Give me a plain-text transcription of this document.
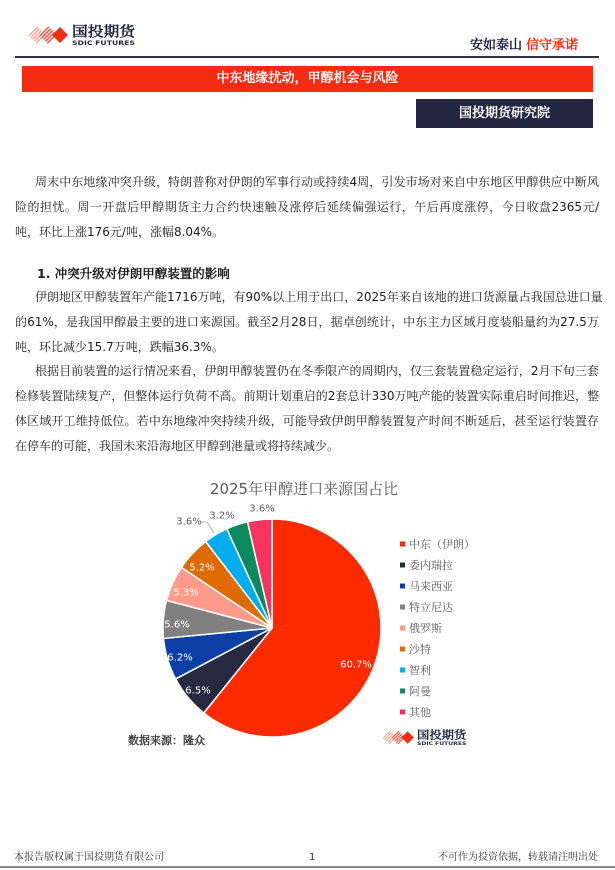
国投期货
SDIC FUTURES	安如泰山 信守承诺
中东地缘扰动，甲醇机会与风险
国投期货研究院
周末中东地缘冲突升级，特朗普称对伊朗的军事行动或持续4周，引发市场对来自中东地区甲醇供应中断风
险的担忧。周一开盘后甲醇期货主力合约快速触及涨停后延续偏强运行，午后再度涨停，今日收盘2365元/
吨，环比上涨176元/吨，涨幅8.04%。
1. 冲突升级对伊朗甲醇装置的影响
伊朗地区甲醇装置年产能1716万吨，有90%以上用于出口，2025年来自该地的进口货源量占我国总进口量
的61%，是我国甲醇最主要的进口来源国。截至2月28日，据卓创统计，中东主力区域月度装船量约为27.5万
吨，环比减少15.7万吨，跌幅36.3%。
根据目前装置的运行情况来看，伊朗甲醇装置仍在冬季限产的周期内，仅三套装置稳定运行，2月下旬三套
检修装置陆续复产，但整体运行负荷不高。前期计划重启的2套总计330万吨产能的装置实际重启时间推迟，整
体区域开工维持低位。若中东地缘冲突持续升级，可能导致伊朗甲醇装置复产时间不断延后，甚至运行装置存
在停车的可能，我国未来沿海地区甲醇到港量或将持续减少。
2025年甲醇进口来源国占比
60.7%
6.5%
6.2%
5.6%
5.3%
5.2%
3.6%
3.2%
3.6%
中东（伊朗）
委内瑞拉
马来西亚
特立尼达
俄罗斯
沙特
智利
阿曼
其他
数据来源：隆众	国投期货
SDIC FUTURES
本报告版权属于国投期货有限公司	1	不可作为投资依据，转载请注明出处
